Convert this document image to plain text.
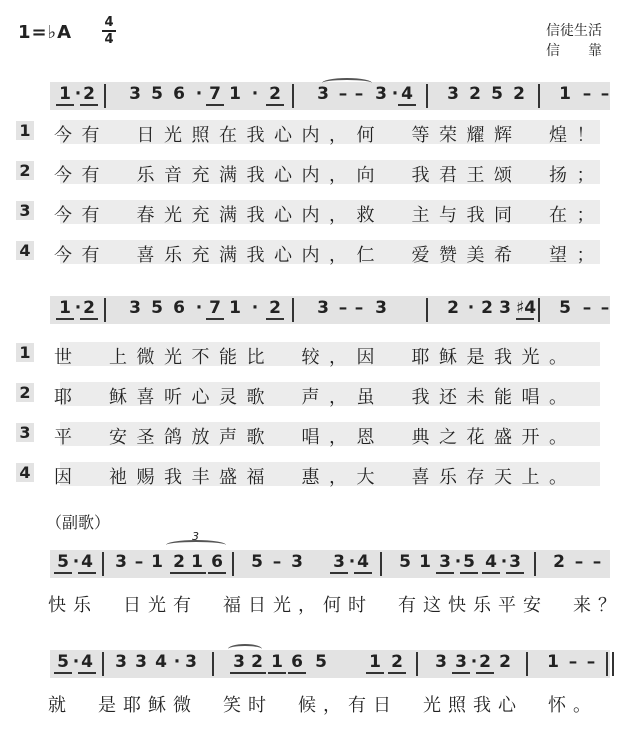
1=♭A 4
4
信徒生活
信　　靠
1 · 2 3 5 6 · 7 1 · 2 3 – – 3 · 4 3 2 5 2 1 – –
1 今 有 日 光 照 在 我 心 内 ， 何 等 荣 耀 辉 煌 ！
2 今 有 乐 音 充 满 我 心 内 ， 向 我 君 王 颂 扬 ；
3 今 有 春 光 充 满 我 心 内 ， 救 主 与 我 同 在 ；
4 今 有 喜 乐 充 满 我 心 内 ， 仁 爱 赞 美 希 望 ；
1 · 2 3 5 6 · 7 1 · 2 3 – – 3	2 · 2 3 ♯4 5 – –
1 世 上 微 光 不 能 比 较 ， 因 耶 稣 是 我 光 。
2 耶 稣 喜 听 心 灵 歌 声 ， 虽 我 还 未 能 唱 。
3 平 安 圣 鸽 放 声 歌 唱 ， 恩 典 之 花 盛 开 。
4 因 祂 赐 我 丰 盛 福 惠 ， 大 喜 乐 存 天 上 。
（副歌）
5 · 4 3 – 1 2 1 6 5 – 3 3 · 4 5 1 3 · 5 4 · 3 2 – –
3
快 乐 日 光 有 福 日 光 ， 何 时 有 这 快 乐 平 安 来 ？
5 · 4 3 3 4 · 3 3 2 1 6 5 1 2 3 3 · 2 2 1 – –
就 是 耶 稣 微 笑 时 候 ， 有 日 光 照 我 心 怀 。
